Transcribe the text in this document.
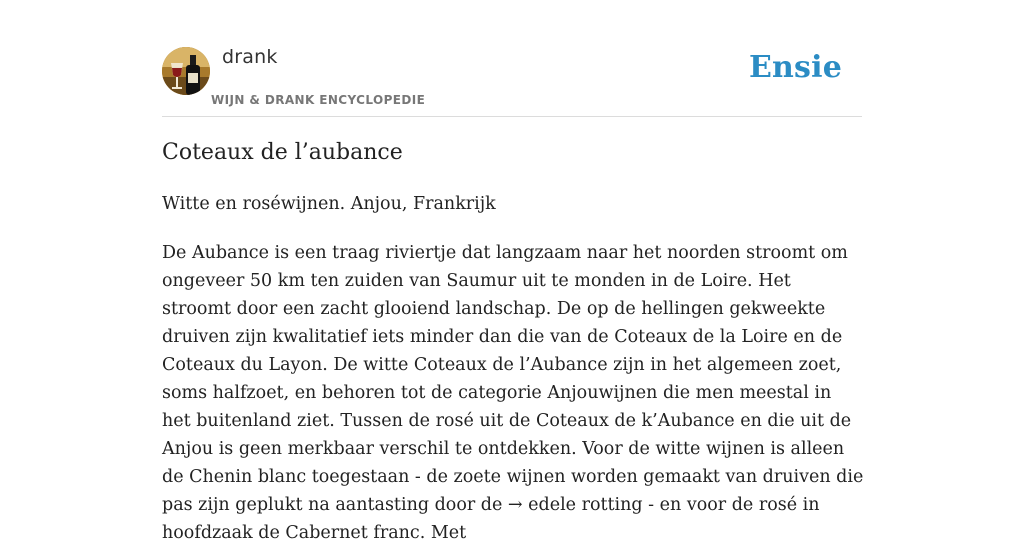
drank
WIJN & DRANK ENCYCLOPEDIE
Ensie
Coteaux de l’aubance

Witte en roséwijnen. Anjou, Frankrijk

De Aubance is een traag riviertje dat langzaam naar het noorden stroomt om ongeveer 50 km ten zuiden van Saumur uit te monden in de Loire. Het stroomt door een zacht glooiend landschap. De op de hellingen gekweekte druiven zijn kwalitatief iets minder dan die van de Coteaux de la Loire en de Coteaux du Layon. De witte Coteaux de l’Aubance zijn in het algemeen zoet, soms halfzoet, en behoren tot de categorie Anjouwijnen die men meestal in het buitenland ziet. Tussen de rosé uit de Coteaux de k’Aubance en die uit de Anjou is geen merkbaar verschil te ontdekken. Voor de witte wijnen is alleen de Chenin blanc toegestaan - de zoete wijnen worden gemaakt van druiven die pas zijn geplukt na aantasting door de → edele rotting - en voor de rosé in hoofdzaak de Cabernet franc. Met
